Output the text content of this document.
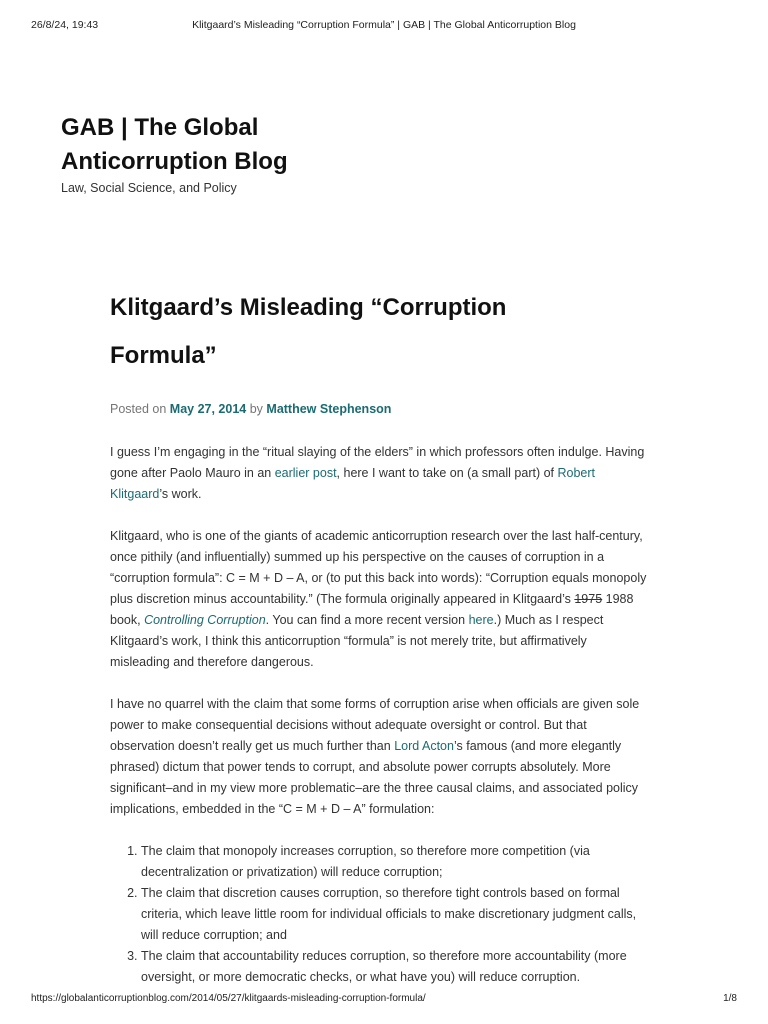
26/8/24, 19:43	Klitgaard’s Misleading “Corruption Formula” | GAB | The Global Anticorruption Blog
GAB | The Global
Anticorruption Blog
Law, Social Science, and Policy
Klitgaard’s Misleading “Corruption Formula”
Posted on May 27, 2014 by Matthew Stephenson

I guess I’m engaging in the “ritual slaying of the elders” in which professors often indulge. Having gone after Paolo Mauro in an earlier post, here I want to take on (a small part) of Robert Klitgaard’s work.

Klitgaard, who is one of the giants of academic anticorruption research over the last half-century, once pithily (and influentially) summed up his perspective on the causes of corruption in a “corruption formula”: C = M + D – A, or (to put this back into words): “Corruption equals monopoly plus discretion minus accountability.” (The formula originally appeared in Klitgaard’s 1975 1988 book, Controlling Corruption. You can find a more recent version here.) Much as I respect Klitgaard’s work, I think this anticorruption “formula” is not merely trite, but affirmatively misleading and therefore dangerous.

I have no quarrel with the claim that some forms of corruption arise when officials are given sole power to make consequential decisions without adequate oversight or control. But that observation doesn’t really get us much further than Lord Acton’s famous (and more elegantly phrased) dictum that power tends to corrupt, and absolute power corrupts absolutely. More significant–and in my view more problematic–are the three causal claims, and associated policy implications, embedded in the “C = M + D – A” formulation:

1. The claim that monopoly increases corruption, so therefore more competition (via decentralization or privatization) will reduce corruption;
2. The claim that discretion causes corruption, so therefore tight controls based on formal criteria, which leave little room for individual officials to make discretionary judgment calls, will reduce corruption; and
3. The claim that accountability reduces corruption, so therefore more accountability (more oversight, or more democratic checks, or what have you) will reduce corruption.
https://globalanticorruptionblog.com/2014/05/27/klitgaards-misleading-corruption-formula/	1/8
